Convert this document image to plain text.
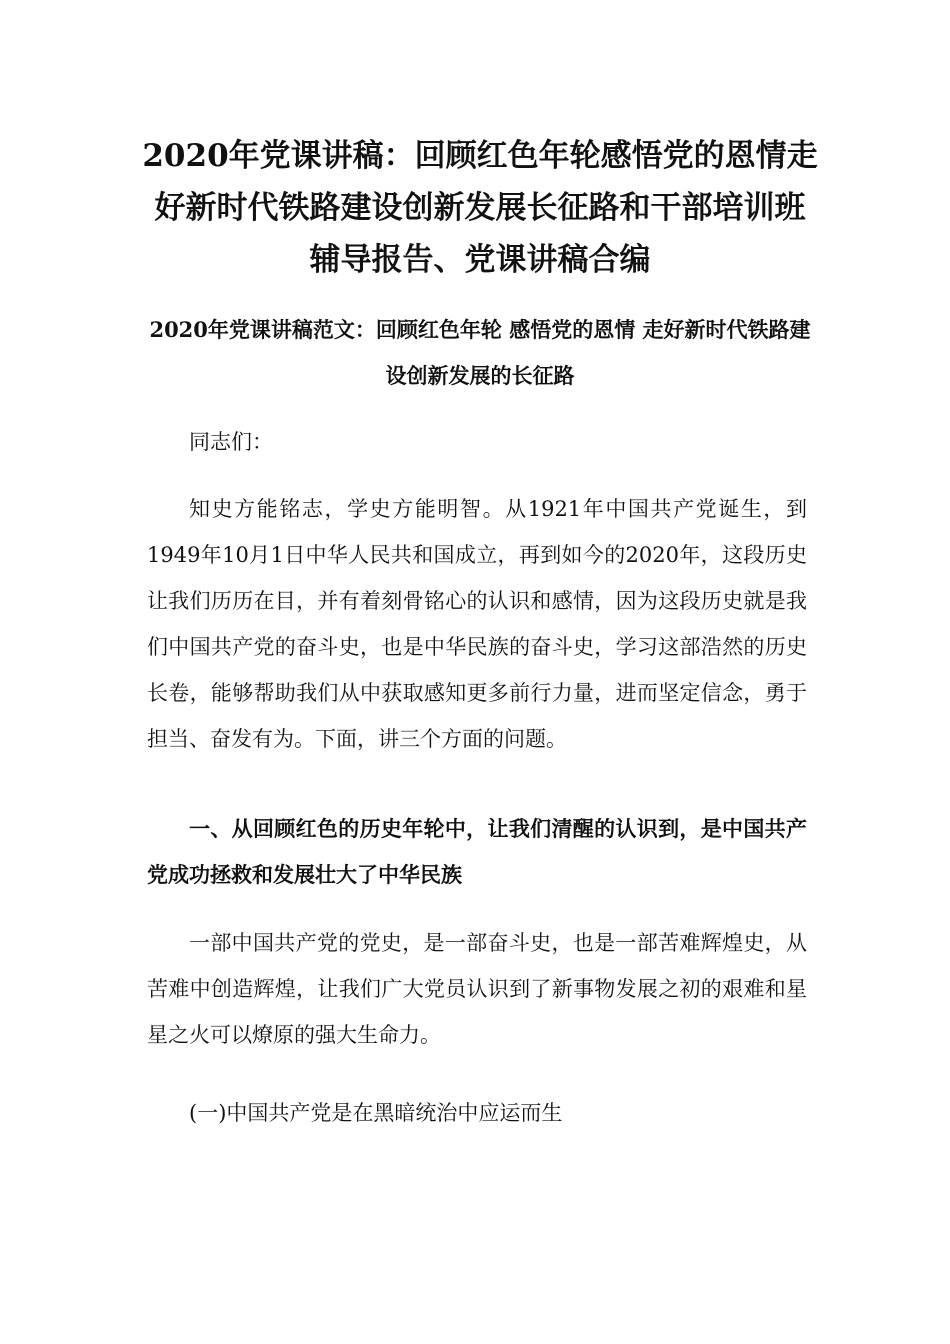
2020年党课讲稿：回顾红色年轮感悟党的恩情走好新时代铁路建设创新发展长征路和干部培训班辅导报告、党课讲稿合编
2020年党课讲稿范文：回顾红色年轮 感悟党的恩情 走好新时代铁路建设创新发展的长征路

同志们：

知史方能铭志，学史方能明智。从1921年中国共产党诞生，到1949年10月1日中华人民共和国成立，再到如今的2020年，这段历史让我们历历在目，并有着刻骨铭心的认识和感情，因为这段历史就是我们中国共产党的奋斗史，也是中华民族的奋斗史，学习这部浩然的历史长卷，能够帮助我们从中获取感知更多前行力量，进而坚定信念，勇于担当、奋发有为。下面，讲三个方面的问题。

一、从回顾红色的历史年轮中，让我们清醒的认识到，是中国共产党成功拯救和发展壮大了中华民族

一部中国共产党的党史，是一部奋斗史，也是一部苦难辉煌史，从苦难中创造辉煌，让我们广大党员认识到了新事物发展之初的艰难和星星之火可以燎原的强大生命力。

(一)中国共产党是在黑暗统治中应运而生
